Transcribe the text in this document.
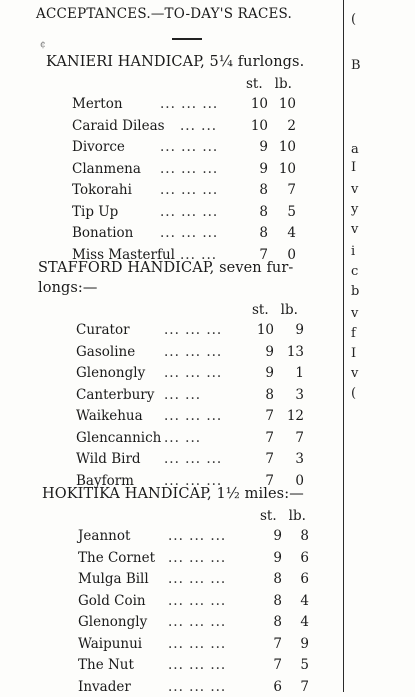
ACCEPTANCES.—TO-DAY'S RACES.
¢
KANIERI HANDICAP, 5¼ furlongs.
st. lb.
Merton	... ... ...	10 10
Caraid Dileas ... ...	10	2
Divorce	... ... ...	9 10
Clanmena ... ... ...	9 10
Tokorahi ... ... ...	8	7
Tip Up	... ... ...	8	5
Bonation ... ... ...	8	4
Miss Masterful ... ...	7	0
STAFFORD HANDICAP, seven fur-
longs:—
st. lb.
Curator	... ... ...	10	9
Gasoline ... ... ...	9 13
Glenongly ... ... ...	9	1
Canterbury ... ...	8	3
Waikehua ... ... ...	7 12
Glencannich ... ...	7	7
Wild Bird ... ... ...	7	3
Bayform ... ... ...	7	0
HOKITIKA HANDICAP, 1½ miles:—
st. lb.
Jeannot	... ... ...	9	8
The Cornet ... ... ...	9	6
Mulga Bill ... ... ...	8	6
Gold Coin ... ... ...	8	4
Glenongly ... ... ...	8	4
Waipunui ... ... ...	7	9
The Nut	... ... ...	7	5
Invader	... ... ...	6	7
(
B
a
I
v
y
v
i
c
b
v
f
I
v
(
